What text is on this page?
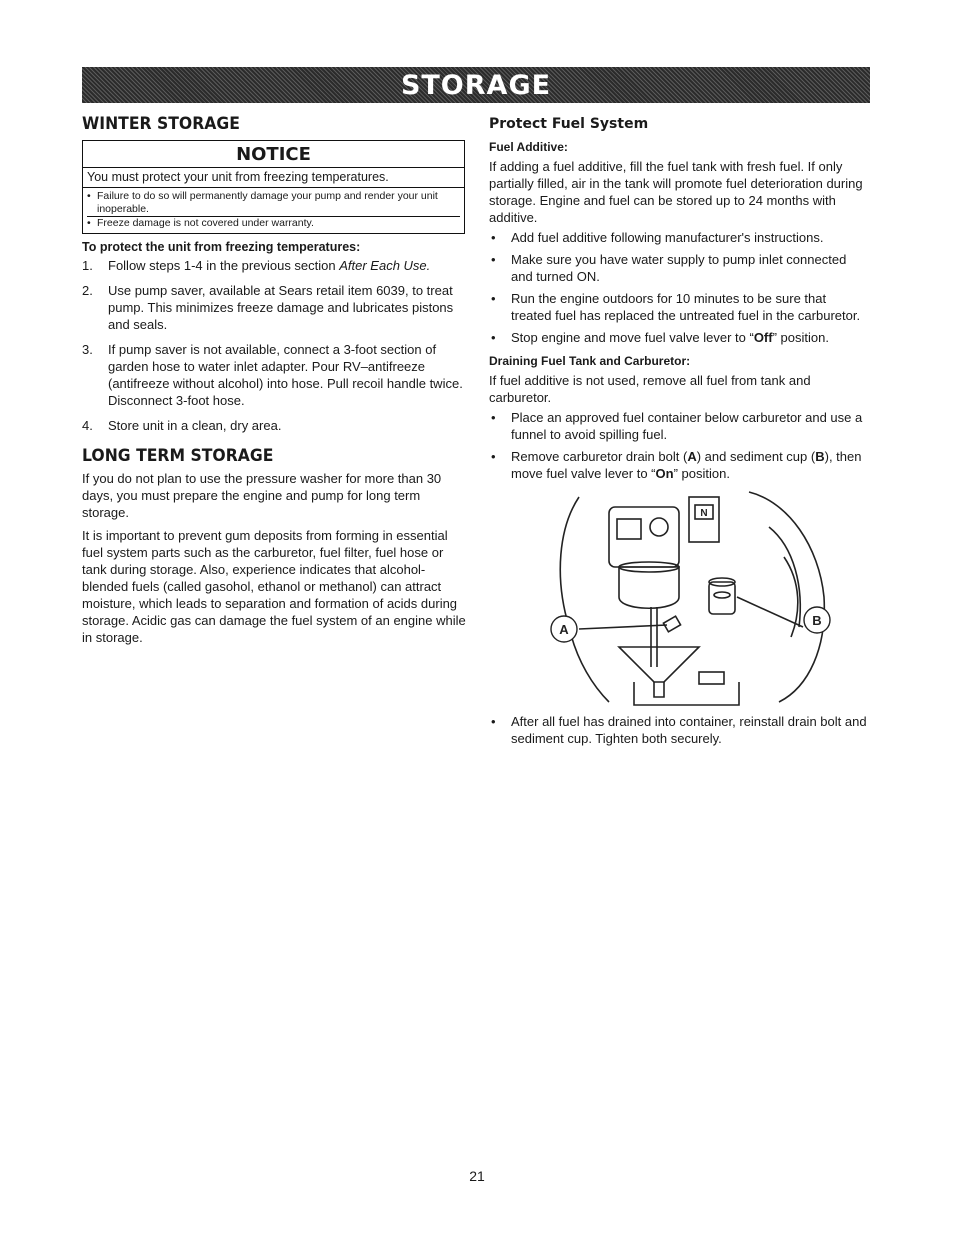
STORAGE
WINTER STORAGE
NOTICE
You must protect your unit from freezing temperatures.
• Failure to do so will permanently damage your pump and render your unit inoperable.
• Freeze damage is not covered under warranty.
To protect the unit from freezing temperatures:
1. Follow steps 1-4 in the previous section After Each Use.
2. Use pump saver, available at Sears retail item 6039, to treat pump. This minimizes freeze damage and lubricates pistons and seals.
3. If pump saver is not available, connect a 3-foot section of garden hose to water inlet adapter. Pour RV–antifreeze (antifreeze without alcohol) into hose. Pull recoil handle twice. Disconnect 3-foot hose.
4. Store unit in a clean, dry area.
LONG TERM STORAGE

If you do not plan to use the pressure washer for more than 30 days, you must prepare the engine and pump for long term storage.

It is important to prevent gum deposits from forming in essential fuel system parts such as the carburetor, fuel filter, fuel hose or tank during storage. Also, experience indicates that alcohol-blended fuels (called gasohol, ethanol or methanol) can attract moisture, which leads to separation and formation of acids during storage. Acidic gas can damage the fuel system of an engine while in storage.

Protect Fuel System
Fuel Additive:

If adding a fuel additive, fill the fuel tank with fresh fuel. If only partially filled, air in the tank will promote fuel deterioration during storage. Engine and fuel can be stored up to 24 months with additive.

• Add fuel additive following manufacturer's instructions.
• Make sure you have water supply to pump inlet connected and turned ON.
• Run the engine outdoors for 10 minutes to be sure that treated fuel has replaced the untreated fuel in the carburetor.
• Stop engine and move fuel valve lever to “Off” position.
Draining Fuel Tank and Carburetor:

If fuel additive is not used, remove all fuel from tank and carburetor.

• Place an approved fuel container below carburetor and use a funnel to avoid spilling fuel.
• Remove carburetor drain bolt (A) and sediment cup (B), then move fuel valve lever to “On” position.
A
B
N
• After all fuel has drained into container, reinstall drain bolt and sediment cup. Tighten both securely.
21
